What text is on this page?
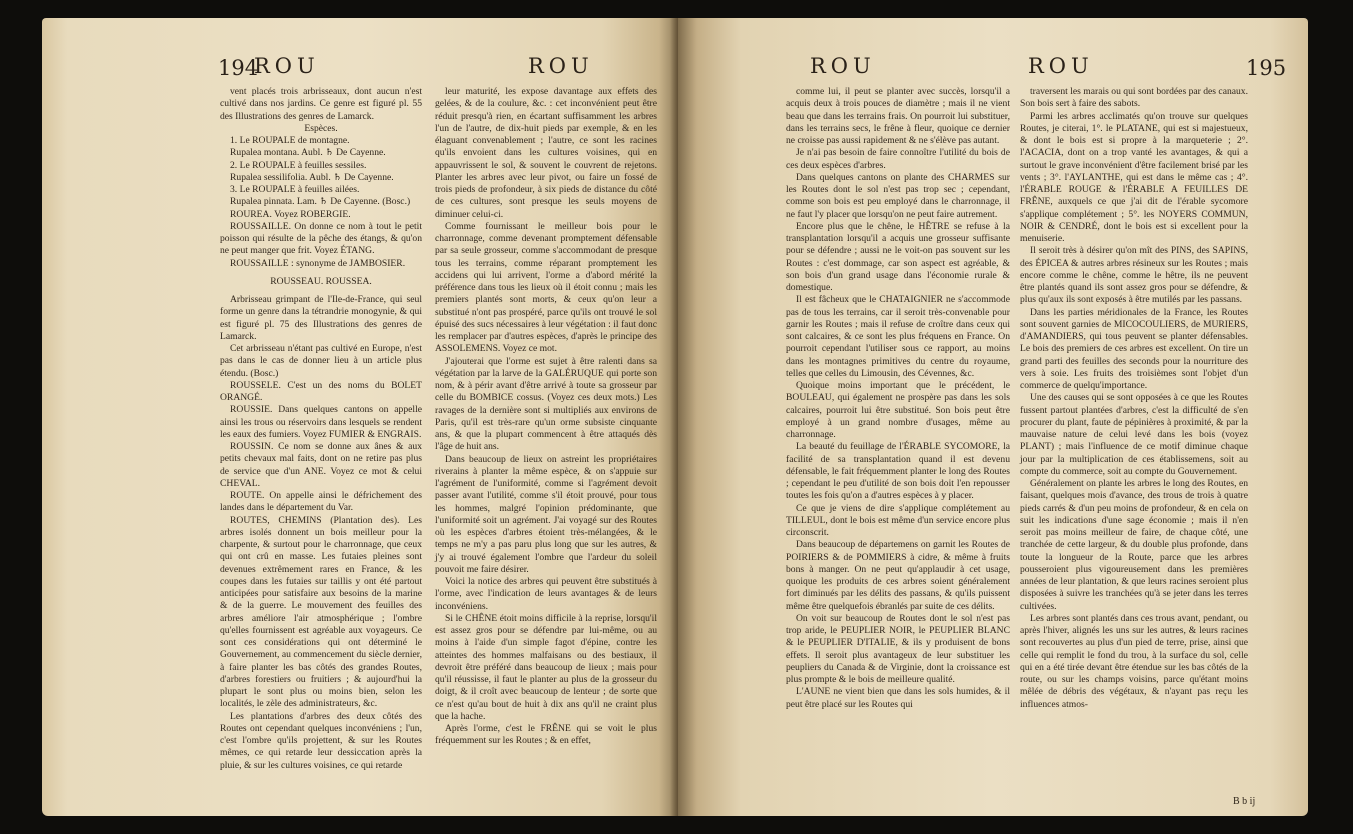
194
ROU	ROU

vent placés trois arbrisseaux, dont aucun n'est cultivé dans nos jardins. Ce genre est figuré pl. 55 des Illustrations des genres de Lamarck.

Espèces.

1. Le ROUPALE de montagne.

Rupalea montana. Aubl. ♄ De Cayenne.

2. Le ROUPALE à feuilles sessiles.

Rupalea sessilifolia. Aubl. ♄ De Cayenne.

3. Le ROUPALE à feuilles ailées.

Rupalea pinnata. Lam. ♄ De Cayenne. (Bosc.)

ROUREA. Voyez ROBERGIE.

ROUSSAILLE. On donne ce nom à tout le petit poisson qui résulte de la pêche des étangs, & qu'on ne peut manger que frit. Voyez ÉTANG.

ROUSSAILLE : synonyme de JAMBOSIER.

ROUSSEAU. ROUSSEA.

Arbrisseau grimpant de l'Ile-de-France, qui seul forme un genre dans la tétrandrie monogynie, & qui est figuré pl. 75 des Illustrations des genres de Lamarck.

Cet arbrisseau n'étant pas cultivé en Europe, n'est pas dans le cas de donner lieu à un article plus étendu. (Bosc.)

ROUSSELE. C'est un des noms du BOLET ORANGÉ.

ROUSSIE. Dans quelques cantons on appelle ainsi les trous ou réservoirs dans lesquels se rendent les eaux des fumiers. Voyez FUMIER & ENGRAIS.

ROUSSIN. Ce nom se donne aux ânes & aux petits chevaux mal faits, dont on ne retire pas plus de service que d'un ANE. Voyez ce mot & celui CHEVAL.

ROUTE. On appelle ainsi le défrichement des landes dans le département du Var.

ROUTES, CHEMINS (Plantation des). Les arbres isolés donnent un bois meilleur pour la charpente, & surtout pour le charronnage, que ceux qui ont crû en masse. Les futaies pleines sont devenues extrêmement rares en France, & les coupes dans les futaies sur taillis y ont été partout anticipées pour satisfaire aux besoins de la marine & de la guerre. Le mouvement des feuilles des arbres améliore l'air atmosphérique ; l'ombre qu'elles fournissent est agréable aux voyageurs. Ce sont ces considérations qui ont déterminé le Gouvernement, au commencement du siècle dernier, à faire planter les bas côtés des grandes Routes, d'arbres forestiers ou fruitiers ; & aujourd'hui la plupart le sont plus ou moins bien, selon les localités, le zèle des administrateurs, &c.

Les plantations d'arbres des deux côtés des Routes ont cependant quelques inconvéniens ; l'un, c'est l'ombre qu'ils projettent, & sur les Routes mêmes, ce qui retarde leur dessiccation après la pluie, & sur les cultures voisines, ce qui retarde

leur maturité, les expose davantage aux effets des gelées, & de la coulure, &c. : cet inconvénient peut être réduit presqu'à rien, en écartant suffisamment les arbres l'un de l'autre, de dix-huit pieds par exemple, & en les élaguant convenablement ; l'autre, ce sont les racines qu'ils envoient dans les cultures voisines, qui en appauvrissent le sol, & souvent le couvrent de rejetons. Planter les arbres avec leur pivot, ou faire un fossé de trois pieds de profondeur, à six pieds de distance du côté de ces cultures, sont presque les seuls moyens de diminuer celui-ci.

Comme fournissant le meilleur bois pour le charronnage, comme devenant promptement défensable par sa seule grosseur, comme s'accommodant de presque tous les terrains, comme réparant promptement les accidens qui lui arrivent, l'orme a d'abord mérité la préférence dans tous les lieux où il étoit connu ; mais les premiers plantés sont morts, & ceux qu'on leur a substitué n'ont pas prospéré, parce qu'ils ont trouvé le sol épuisé des sucs nécessaires à leur végétation : il faut donc les remplacer par d'autres espèces, d'après le principe des ASSOLEMENS. Voyez ce mot.

J'ajouterai que l'orme est sujet à être ralenti dans sa végétation par la larve de la GALÉRUQUE qui porte son nom, & à périr avant d'être arrivé à toute sa grosseur par celle du BOMBICE cossus. (Voyez ces deux mots.) Les ravages de la dernière sont si multipliés aux environs de Paris, qu'il est très-rare qu'un orme subsiste cinquante ans, & que la plupart commencent à être attaqués dès l'âge de huit ans.

Dans beaucoup de lieux on astreint les propriétaires riverains à planter la même espèce, & on s'appuie sur l'agrément de l'uniformité, comme si l'agrément devoit passer avant l'utilité, comme s'il étoit prouvé, pour tous les hommes, malgré l'opinion prédominante, que l'uniformité soit un agrément. J'ai voyagé sur des Routes où les espèces d'arbres étoient très-mélangées, & le temps ne m'y a pas paru plus long que sur les autres, & j'y ai trouvé également l'ombre que l'ardeur du soleil pouvoit me faire désirer.

Voici la notice des arbres qui peuvent être substitués à l'orme, avec l'indication de leurs avantages & de leurs inconvéniens.

Si le CHÊNE étoit moins difficile à la reprise, lorsqu'il est assez gros pour se défendre par lui-même, ou au moins à l'aide d'un simple fagot d'épine, contre les atteintes des hommes malfaisans ou des bestiaux, il devroit être préféré dans beaucoup de lieux ; mais pour qu'il réussisse, il faut le planter au plus de la grosseur du doigt, & il croît avec beaucoup de lenteur ; de sorte que ce n'est qu'au bout de huit à dix ans qu'il ne craint plus que la hache.

Après l'orme, c'est le FRÊNE qui se voit le plus fréquemment sur les Routes ; & en effet,

ROU	ROU	195

comme lui, il peut se planter avec succès, lorsqu'il a acquis deux à trois pouces de diamètre ; mais il ne vient beau que dans les terrains frais. On pourroit lui substituer, dans les terrains secs, le frêne à fleur, quoique ce dernier ne croisse pas aussi rapidement & ne s'élève pas autant.

Je n'ai pas besoin de faire connoître l'utilité du bois de ces deux espèces d'arbres.

Dans quelques cantons on plante des CHARMES sur les Routes dont le sol n'est pas trop sec ; cependant, comme son bois est peu employé dans le charronnage, il ne faut l'y placer que lorsqu'on ne peut faire autrement.

Encore plus que le chêne, le HÊTRE se refuse à la transplantation lorsqu'il a acquis une grosseur suffisante pour se défendre ; aussi ne le voit-on pas souvent sur les Routes : c'est dommage, car son aspect est agréable, & son bois d'un grand usage dans l'économie rurale & domestique.

Il est fâcheux que le CHATAIGNIER ne s'accommode pas de tous les terrains, car il seroit très-convenable pour garnir les Routes ; mais il refuse de croître dans ceux qui sont calcaires, & ce sont les plus fréquens en France. On pourroit cependant l'utiliser sous ce rapport, au moins dans les montagnes primitives du centre du royaume, telles que celles du Limousin, des Cévennes, &c.

Quoique moins important que le précédent, le BOULEAU, qui également ne prospère pas dans les sols calcaires, pourroit lui être substitué. Son bois peut être employé à un grand nombre d'usages, même au charronnage.

La beauté du feuillage de l'ÉRABLE SYCOMORE, la facilité de sa transplantation quand il est devenu défensable, le fait fréquemment planter le long des Routes ; cependant le peu d'utilité de son bois doit l'en repousser toutes les fois qu'on a d'autres espèces à y placer.

Ce que je viens de dire s'applique complétement au TILLEUL, dont le bois est même d'un service encore plus circonscrit.

Dans beaucoup de départemens on garnit les Routes de POIRIERS & de POMMIERS à cidre, & même à fruits bons à manger. On ne peut qu'applaudir à cet usage, quoique les produits de ces arbres soient généralement fort diminués par les délits des passans, & qu'ils puissent même être quelquefois ébranlés par suite de ces délits.

On voit sur beaucoup de Routes dont le sol n'est pas trop aride, le PEUPLIER NOIR, le PEUPLIER BLANC & le PEUPLIER D'ITALIE, & ils y produisent de bons effets. Il seroit plus avantageux de leur substituer les peupliers du Canada & de Virginie, dont la croissance est plus prompte & le bois de meilleure qualité.

L'AUNE ne vient bien que dans les sols humides, & il peut être placé sur les Routes qui

traversent les marais ou qui sont bordées par des canaux. Son bois sert à faire des sabots.

Parmi les arbres acclimatés qu'on trouve sur quelques Routes, je citerai, 1°. le PLATANE, qui est si majestueux, & dont le bois est si propre à la marqueterie ; 2°. l'ACACIA, dont on a trop vanté les avantages, & qui a surtout le grave inconvénient d'être facilement brisé par les vents ; 3°. l'AYLANTHE, qui est dans le même cas ; 4°. l'ÉRABLE ROUGE & l'ÉRABLE A FEUILLES DE FRÊNE, auxquels ce que j'ai dit de l'érable sycomore s'applique complétement ; 5°. les NOYERS COMMUN, NOIR & CENDRÉ, dont le bois est si excellent pour la menuiserie.

Il seroit très à désirer qu'on mît des PINS, des SAPINS, des ÉPICEA & autres arbres résineux sur les Routes ; mais encore comme le chêne, comme le hêtre, ils ne peuvent être plantés quand ils sont assez gros pour se défendre, & plus qu'aux ils sont exposés à être mutilés par les passans.

Dans les parties méridionales de la France, les Routes sont souvent garnies de MICOCOULIERS, de MURIERS, d'AMANDIERS, qui tous peuvent se planter défensables. Le bois des premiers de ces arbres est excellent. On tire un grand parti des feuilles des seconds pour la nourriture des vers à soie. Les fruits des troisièmes sont l'objet d'un commerce de quelqu'importance.

Une des causes qui se sont opposées à ce que les Routes fussent partout plantées d'arbres, c'est la difficulté de s'en procurer du plant, faute de pépinières à proximité, & par la mauvaise nature de celui levé dans les bois (voyez PLANT) ; mais l'influence de ce motif diminue chaque jour par la multiplication de ces établissemens, soit au compte du commerce, soit au compte du Gouvernement.

Généralement on plante les arbres le long des Routes, en faisant, quelques mois d'avance, des trous de trois à quatre pieds carrés & d'un peu moins de profondeur, & en cela on suit les indications d'une sage économie ; mais il n'en seroit pas moins meilleur de faire, de chaque côté, une tranchée de cette largeur, & du double plus profonde, dans toute la longueur de la Route, parce que les arbres pousseroient plus vigoureusement dans les premières années de leur plantation, & que leurs racines seroient plus disposées à suivre les tranchées qu'à se jeter dans les terres cultivées.

Les arbres sont plantés dans ces trous avant, pendant, ou après l'hiver, alignés les uns sur les autres, & leurs racines sont recouvertes au plus d'un pied de terre, prise, ainsi que celle qui remplit le fond du trou, à la surface du sol, celle qui en a été tirée devant être étendue sur les bas côtés de la route, ou sur les champs voisins, parce qu'étant moins mêlée de débris des végétaux, & n'ayant pas reçu les influences atmos-

B b ij
